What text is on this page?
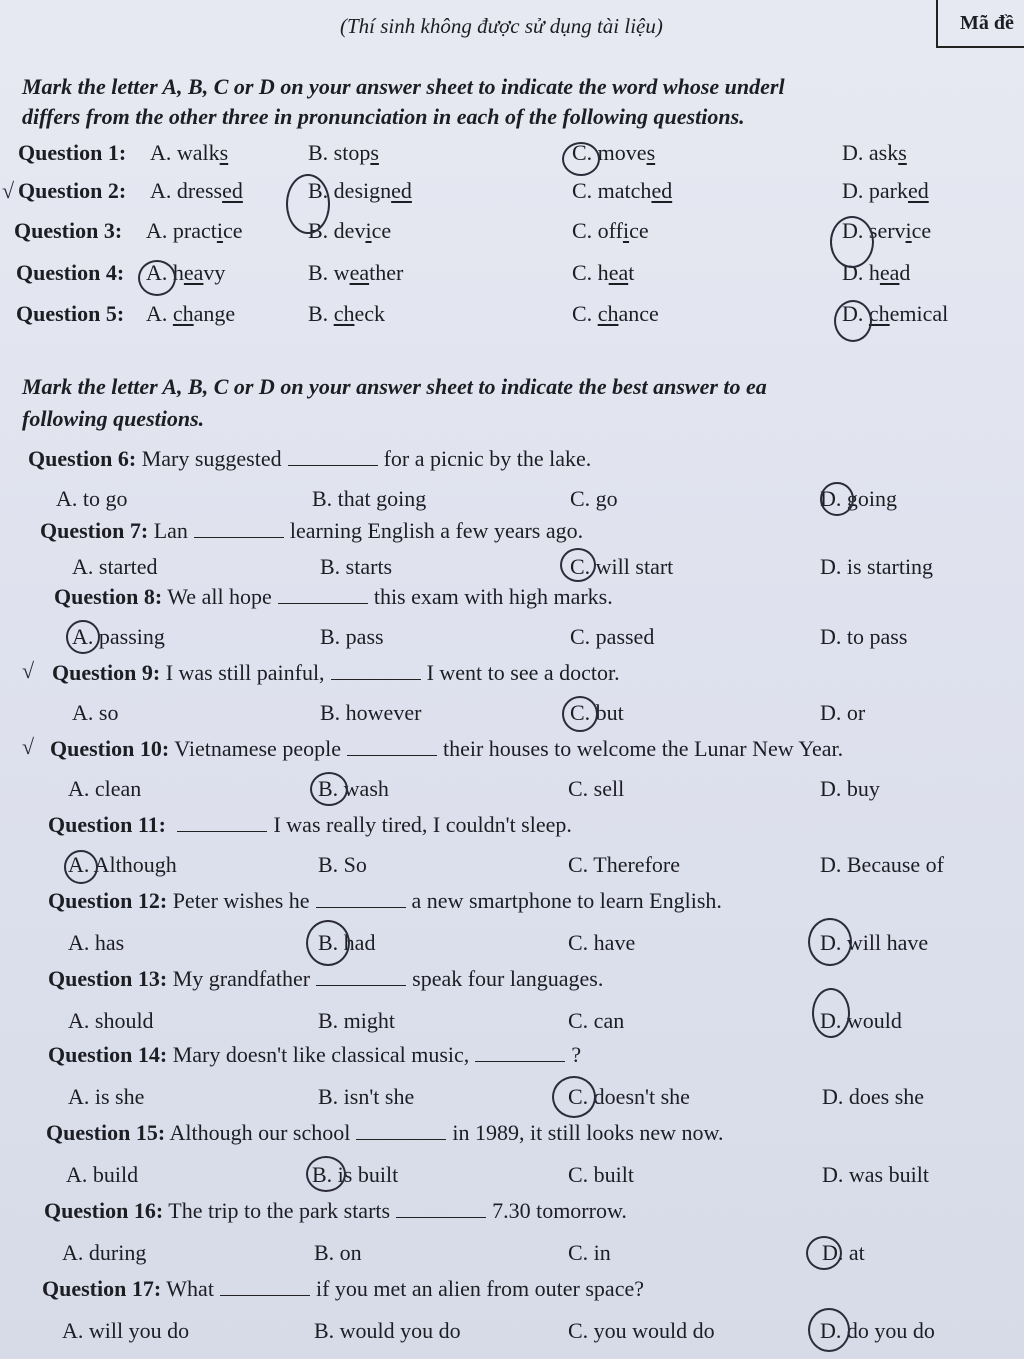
(Thí sinh không được sử dụng tài liệu)	Mã đề
Mark the letter A, B, C or D on your answer sheet to indicate the word whose underl
differs from the other three in pronunciation in each of the following questions.
Question 1: A. walks	B. stops	C. moves	D. asks
Question 2: A. dressed	B. designed	C. matched	D. parked
Question 3: A. practice	B. device	C. office	D. service
Question 4: A. heavy	B. weather	C. heat	D. head
Question 5: A. change	B. check	C. chance	D. chemical
Mark the letter A, B, C or D on your answer sheet to indicate the best answer to ea
following questions.
Question 6: Mary suggested	for a picnic by the lake.
A. to go	B. that going	C. go	D. going
Question 7: Lan	learning English a few years ago.
A. started	B. starts	C. will start	D. is starting
Question 8: We all hope	this exam with high marks.
A. passing	B. pass	C. passed	D. to pass
Question 9: I was still painful,	I went to see a doctor.
A. so	B. however	C. but	D. or
Question 10: Vietnamese people	their houses to welcome the Lunar New Year.
A. clean	B. wash	C. sell	D. buy
Question 11:	I was really tired, I couldn't sleep.
A. Although	B. So	C. Therefore	D. Because of
Question 12: Peter wishes he	a new smartphone to learn English.
A. has	B. had	C. have	D. will have
Question 13: My grandfather	speak four languages.
A. should	B. might	C. can	D. would
Question 14: Mary doesn't like classical music,	?
A. is she	B. isn't she	C. doesn't she	D. does she
Question 15: Although our school	in 1989, it still looks new now.
A. build	B. is built	C. built	D. was built
Question 16: The trip to the park starts	7.30 tomorrow.
A. during	B. on	C. in	D. at
Question 17: What	if you met an alien from outer space?
A. will you do	B. would you do	C. you would do	D. do you do
√
√
√
